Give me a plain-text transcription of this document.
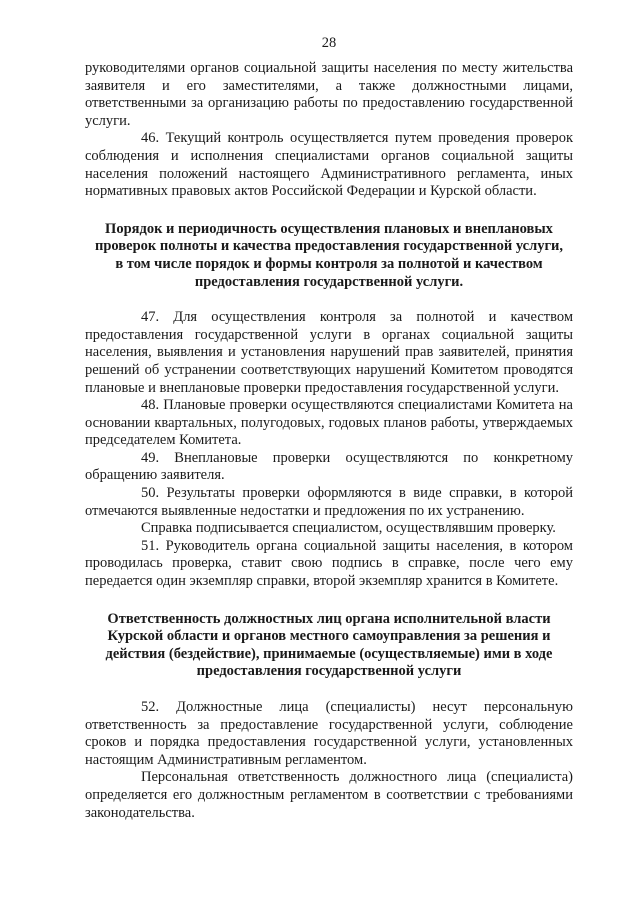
28

руководителями органов социальной защиты населения по месту жительства заявителя и его заместителями, а также должностными лицами, ответственными за организацию работы по предоставлению государственной услуги.

46. Текущий контроль осуществляется путем проведения проверок соблюдения и исполнения специалистами органов социальной защиты населения положений настоящего Административного регламента, иных нормативных правовых актов Российской Федерации и Курской области.

Порядок и периодичность осуществления плановых и внеплановых проверок полноты и качества предоставления государственной услуги, в том числе порядок и формы контроля за полнотой и качеством предоставления государственной услуги.

47. Для осуществления контроля за полнотой и качеством предоставления государственной услуги в органах социальной защиты населения, выявления и установления нарушений прав заявителей, принятия решений об устранении соответствующих нарушений Комитетом проводятся плановые и внеплановые проверки предоставления государственной услуги.

48. Плановые проверки осуществляются специалистами Комитета на основании квартальных, полугодовых, годовых планов работы, утверждаемых председателем Комитета.

49. Внеплановые проверки осуществляются по конкретному обращению заявителя.

50. Результаты проверки оформляются в виде справки, в которой отмечаются выявленные недостатки и предложения по их устранению.

Справка подписывается специалистом, осуществлявшим проверку.

51. Руководитель органа социальной защиты населения, в котором проводилась проверка, ставит свою подпись в справке, после чего ему передается один экземпляр справки, второй экземпляр хранится в Комитете.

Ответственность должностных лиц органа исполнительной власти Курской области и органов местного самоуправления за решения и действия (бездействие), принимаемые (осуществляемые) ими в ходе предоставления государственной услуги

52. Должностные лица (специалисты) несут персональную ответственность за предоставление государственной услуги, соблюдение сроков и порядка предоставления государственной услуги, установленных настоящим Административным регламентом.

Персональная ответственность должностного лица (специалиста) определяется его должностным регламентом в соответствии с требованиями законодательства.
